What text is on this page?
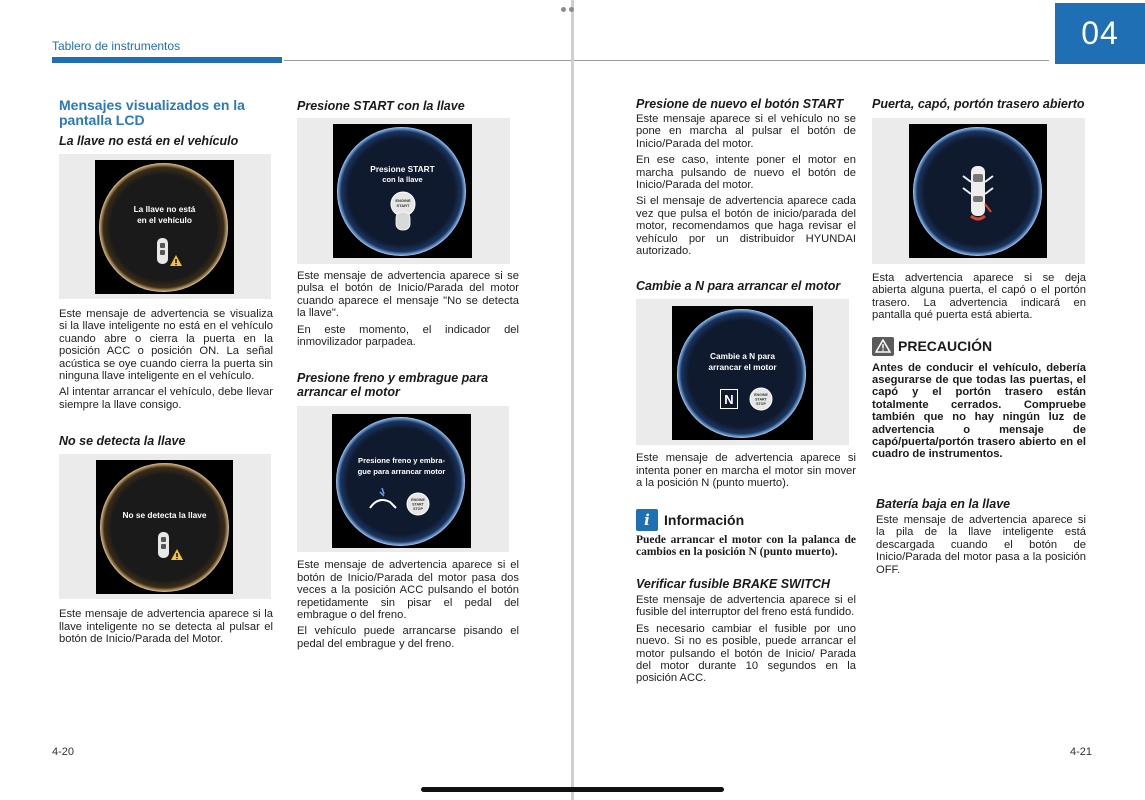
Tablero de instrumentos

Mensajes visualizados en la pantalla LCD

La llave no está en el vehículo

La llave no está
en el vehículo

Este mensaje de advertencia se visualiza si la llave inteligente no está en el vehículo cuando abre o cierra la puerta en la posición ACC o posición ON. La señal acústica se oye cuando cierra la puerta sin ninguna llave inteligente en el vehículo.

Al intentar arrancar el vehículo, debe llevar siempre la llave consigo.

No se detecta la llave

No se detecta la llave

Este mensaje de advertencia aparece si la llave inteligente no se detecta al pulsar el botón de Inicio/Parada del Motor.

Presione START con la llave

Presione START
con la llave
ENGINE
START

Este mensaje de advertencia aparece si se pulsa el botón de Inicio/Parada del motor cuando aparece el mensaje "No se detecta la llave".

En este momento, el indicador del inmovilizador parpadea.

Presione freno y embrague para arrancar el motor

Presione freno y embra-
gue para arrancar motor
ENGINE
START
STOP

Este mensaje de advertencia aparece si el botón de Inicio/Parada del motor pasa dos veces a la posición ACC pulsando el botón repetidamente sin pisar el pedal del embrague o del freno.

El vehículo puede arrancarse pisando el pedal del embrague y del freno.

4-20
04

Presione de nuevo el botón START

Este mensaje aparece si el vehículo no se pone en marcha al pulsar el botón de Inicio/Parada del motor.

En ese caso, intente poner el motor en marcha pulsando de nuevo el botón de Inicio/Parada del motor.

Si el mensaje de advertencia aparece cada vez que pulsa el botón de inicio/parada del motor, recomendamos que haga revisar el vehículo por un distribuidor HYUNDAI autorizado.

Cambie a N para arrancar el motor

Cambie a N para
arrancar el motor
N	ENGINE
START
STOP

Este mensaje de advertencia aparece si intenta poner en marcha el motor sin mover a la posición N (punto muerto).

i	Información

Puede arrancar el motor con la palanca de cambios en la posición N (punto muerto).

Verificar fusible BRAKE SWITCH

Este mensaje de advertencia aparece si el fusible del interruptor del freno está fundido.

Es necesario cambiar el fusible por uno nuevo. Si no es posible, puede arrancar el motor pulsando el botón de Inicio/ Parada del motor durante 10 segundos en la posición ACC.

Puerta, capó, portón trasero abierto

Esta advertencia aparece si se deja abierta alguna puerta, el capó o el portón trasero. La advertencia indicará en pantalla qué puerta está abierta.

PRECAUCIÓN

Antes de conducir el vehículo, debería asegurarse de que todas las puertas, el capó y el portón trasero están totalmente cerrados. Compruebe también que no hay ningún luz de advertencia o mensaje de capó/puerta/portón trasero abierto en el cuadro de instrumentos.

Batería baja en la llave

Este mensaje de advertencia aparece si la pila de la llave inteligente está descargada cuando el botón de Inicio/Parada del motor pasa a la posición OFF.

4-21
